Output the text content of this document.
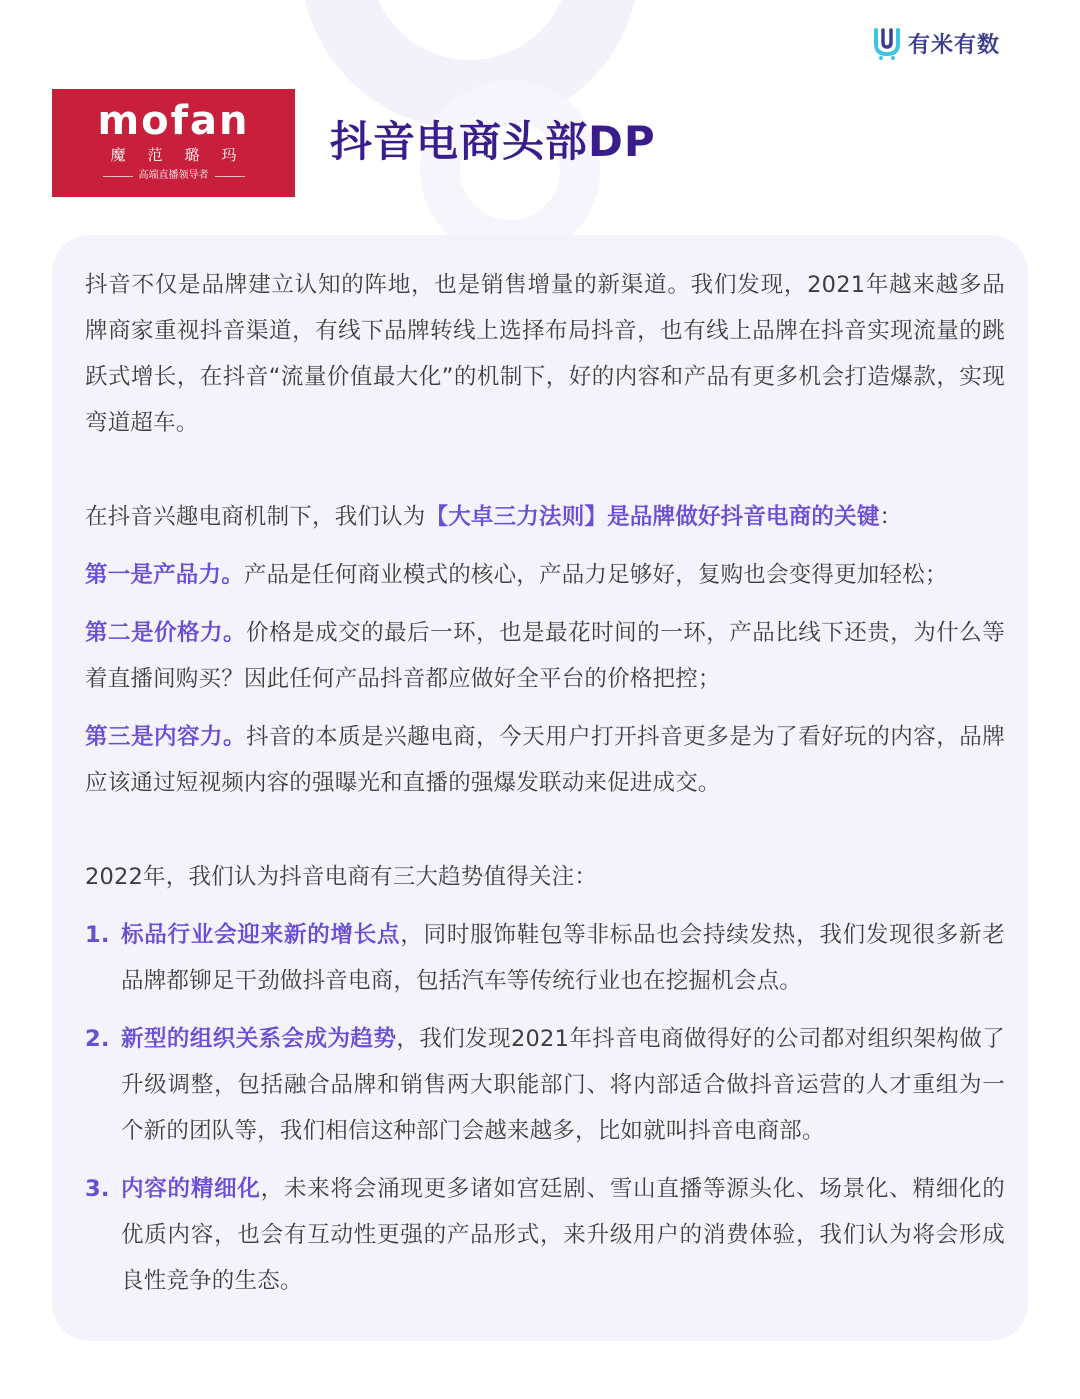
有米有数
mofan
魔范璐玛
高端直播领导者
抖音电商头部DP

抖音不仅是品牌建立认知的阵地，也是销售增量的新渠道。我们发现，2021年越来越多品牌商家重视抖音渠道，有线下品牌转线上选择布局抖音，也有线上品牌在抖音实现流量的跳跃式增长，在抖音“流量价值最大化”的机制下，好的内容和产品有更多机会打造爆款，实现弯道超车。

在抖音兴趣电商机制下，我们认为【大卓三力法则】是品牌做好抖音电商的关键：

第一是产品力。产品是任何商业模式的核心，产品力足够好，复购也会变得更加轻松；

第二是价格力。价格是成交的最后一环，也是最花时间的一环，产品比线下还贵，为什么等着直播间购买？因此任何产品抖音都应做好全平台的价格把控；

第三是内容力。抖音的本质是兴趣电商，今天用户打开抖音更多是为了看好玩的内容，品牌应该通过短视频内容的强曝光和直播的强爆发联动来促进成交。

2022年，我们认为抖音电商有三大趋势值得关注：

1. 标品行业会迎来新的增长点，同时服饰鞋包等非标品也会持续发热，我们发现很多新老品牌都铆足干劲做抖音电商，包括汽车等传统行业也在挖掘机会点。

2. 新型的组织关系会成为趋势，我们发现2021年抖音电商做得好的公司都对组织架构做了升级调整，包括融合品牌和销售两大职能部门、将内部适合做抖音运营的人才重组为一个新的团队等，我们相信这种部门会越来越多，比如就叫抖音电商部。

3. 内容的精细化，未来将会涌现更多诸如宫廷剧、雪山直播等源头化、场景化、精细化的优质内容，也会有互动性更强的产品形式，来升级用户的消费体验，我们认为将会形成良性竞争的生态。
